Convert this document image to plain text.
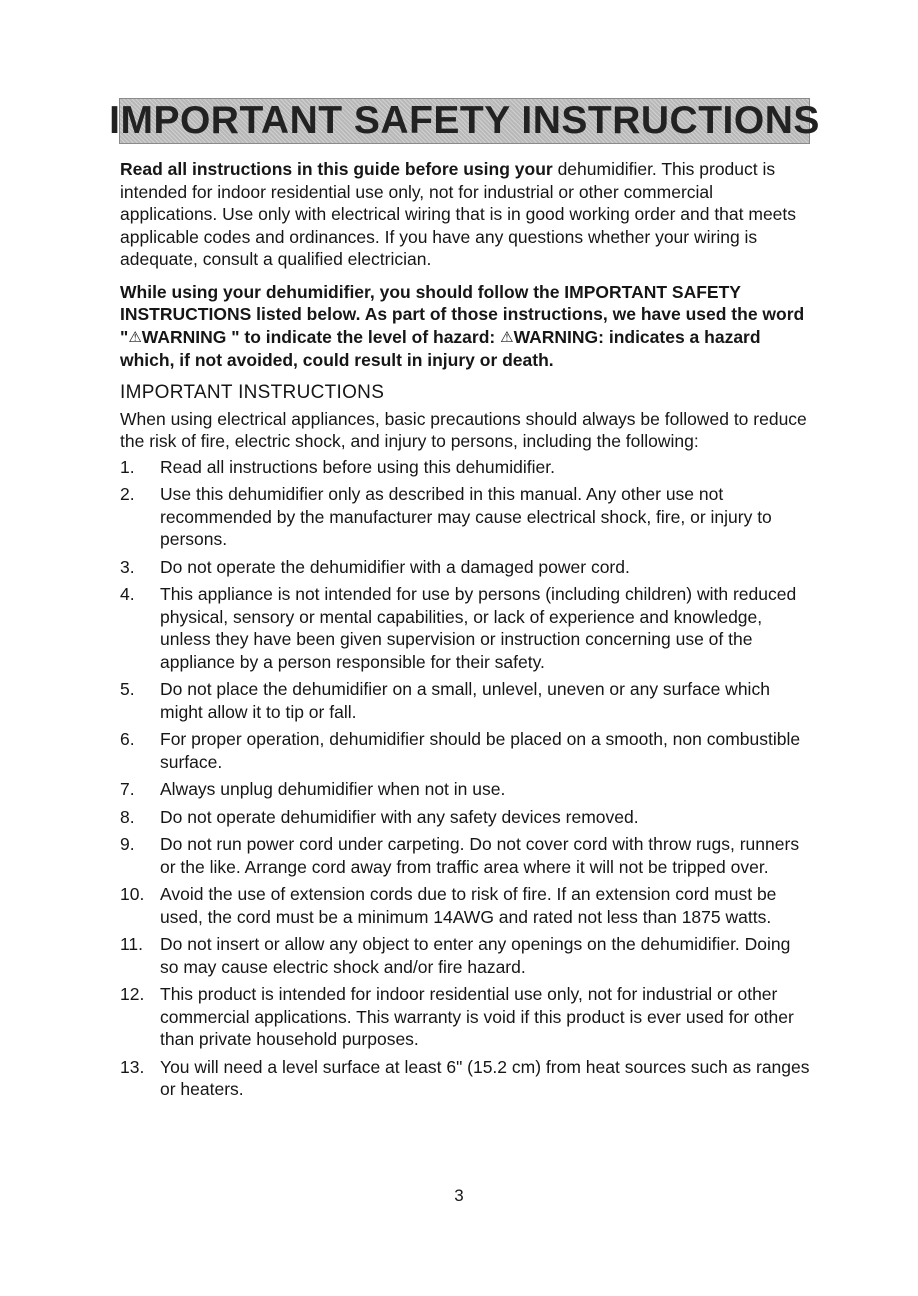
IMPORTANT SAFETY INSTRUCTIONS

Read all instructions in this guide before using your dehumidifier. This product is intended for indoor residential use only, not for industrial or other commercial applications. Use only with electrical wiring that is in good working order and that meets applicable codes and ordinances. If you have any questions whether your wiring is adequate, consult a qualified electrician.

While using your dehumidifier, you should follow the IMPORTANT SAFETY INSTRUCTIONS listed below. As part of those instructions, we have used the word "⚠WARNING " to indicate the level of hazard: ⚠WARNING: indicates a hazard which, if not avoided, could result in injury or death.

IMPORTANT INSTRUCTIONS

When using electrical appliances, basic precautions should always be followed to reduce the risk of fire, electric shock, and injury to persons, including the following:

1. Read all instructions before using this dehumidifier.
2. Use this dehumidifier only as described in this manual. Any other use not recommended by the manufacturer may cause electrical shock, fire, or injury to persons.
3. Do not operate the dehumidifier with a damaged power cord.
4. This appliance is not intended for use by persons (including children) with reduced physical, sensory or mental capabilities, or lack of experience and knowledge, unless they have been given supervision or instruction concerning use of the appliance by a person responsible for their safety.
5. Do not place the dehumidifier on a small, unlevel, uneven or any surface which might allow it to tip or fall.
6. For proper operation, dehumidifier should be placed on a smooth, non combustible surface.
7. Always unplug dehumidifier when not in use.
8. Do not operate dehumidifier with any safety devices removed.
9. Do not run power cord under carpeting. Do not cover cord with throw rugs, runners or the like. Arrange cord away from traffic area where it will not be tripped over.
10. Avoid the use of extension cords due to risk of fire. If an extension cord must be used, the cord must be a minimum 14AWG and rated not less than 1875 watts.
11. Do not insert or allow any object to enter any openings on the dehumidifier. Doing so may cause electric shock and/or fire hazard.
12. This product is intended for indoor residential use only, not for industrial or other commercial applications. This warranty is void if this product is ever used for other than private household purposes.
13. You will need a level surface at least 6" (15.2 cm) from heat sources such as ranges or heaters.
3
